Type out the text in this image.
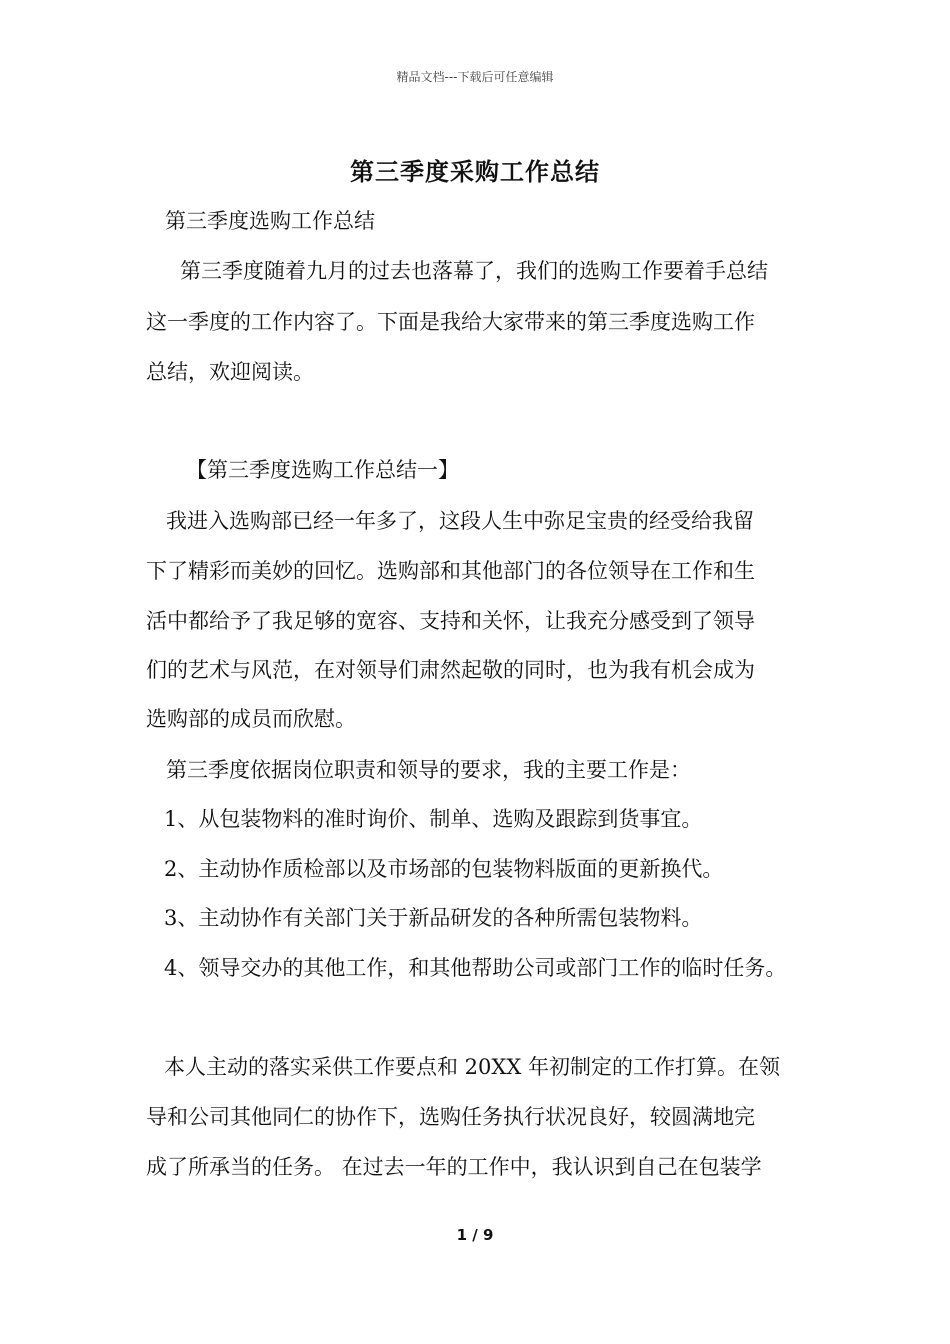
精品文档---下载后可任意编辑
第三季度采购工作总结
第三季度选购工作总结
第三季度随着九月的过去也落幕了，我们的选购工作要着手总结
这一季度的工作内容了。下面是我给大家带来的第三季度选购工作
总结，欢迎阅读。
【第三季度选购工作总结一】
我进入选购部已经一年多了，这段人生中弥足宝贵的经受给我留
下了精彩而美妙的回忆。选购部和其他部门的各位领导在工作和生
活中都给予了我足够的宽容、支持和关怀，让我充分感受到了领导
们的艺术与风范，在对领导们肃然起敬的同时，也为我有机会成为
选购部的成员而欣慰。
第三季度依据岗位职责和领导的要求，我的主要工作是：
1、从包装物料的准时询价、制单、选购及跟踪到货事宜。
2、主动协作质检部以及市场部的包装物料版面的更新换代。
3、主动协作有关部门关于新品研发的各种所需包装物料。
4、领导交办的其他工作，和其他帮助公司或部门工作的临时任务。
本人主动的落实采供工作要点和 20XX 年初制定的工作打算。在领
导和公司其他同仁的协作下，选购任务执行状况良好，较圆满地完
成了所承当的任务。 在过去一年的工作中，我认识到自己在包装学
1 / 9
